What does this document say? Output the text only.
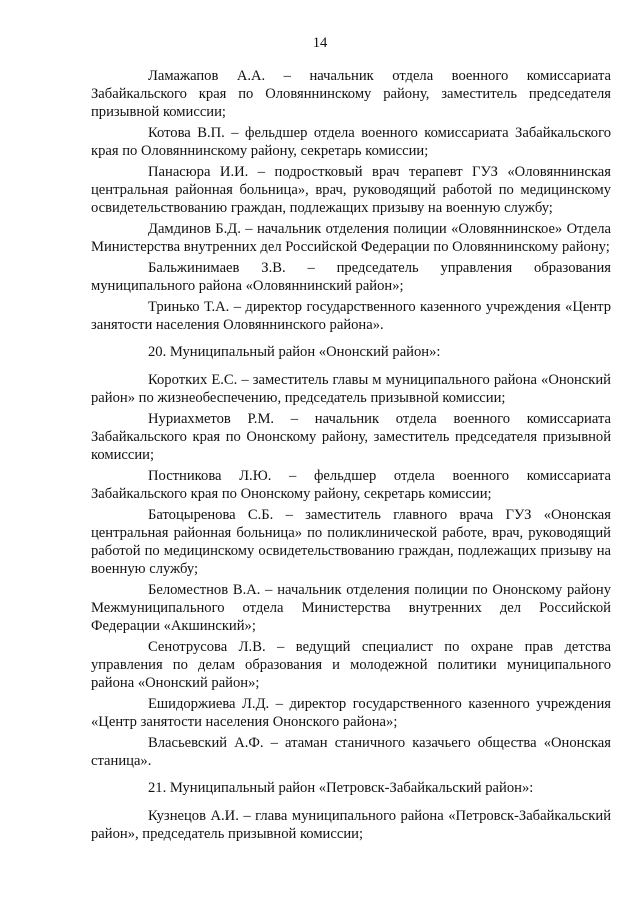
14

Ламажапов А.А. – начальник отдела военного комиссариата Забайкальского края по Оловяннинскому району, заместитель председателя призывной комиссии;

Котова В.П. – фельдшер отдела военного комиссариата Забайкальского края по Оловяннинскому району, секретарь комиссии;

Панасюра И.И. – подростковый врач терапевт ГУЗ «Оловяннинская центральная районная больница», врач, руководящий работой по медицинскому освидетельствованию граждан, подлежащих призыву на военную службу;

Дамдинов Б.Д. – начальник отделения полиции «Оловяннинское» Отдела Министерства внутренних дел Российской Федерации по Оловяннинскому району;

Бальжинимаев З.В. – председатель управления образования муниципального района «Оловяннинский район»;

Тринько Т.А. – директор государственного казенного учреждения «Центр занятости населения Оловяннинского района».

20. Муниципальный район «Ононский район»:

Коротких Е.С. – заместитель главы м муниципального района «Ононский район» по жизнеобеспечению, председатель призывной комиссии;

Нуриахметов Р.М. – начальник отдела военного комиссариата Забайкальского края по Ононскому району, заместитель председателя призывной комиссии;

Постникова Л.Ю. – фельдшер отдела военного комиссариата Забайкальского края по Ононскому району, секретарь комиссии;

Батоцыренова С.Б. – заместитель главного врача ГУЗ «Ононская центральная районная больница» по поликлинической работе, врач, руководящий работой по медицинскому освидетельствованию граждан, подлежащих призыву на военную службу;

Беломестнов В.А. – начальник отделения полиции по Ононскому району Межмуниципального отдела Министерства внутренних дел Российской Федерации «Акшинский»;

Сенотрусова Л.В. – ведущий специалист по охране прав детства управления по делам образования и молодежной политики муниципального района «Ононский район»;

Ешидоржиева Л.Д. – директор государственного казенного учреждения «Центр занятости населения Ононского района»;

Власьевский А.Ф. – атаман станичного казачьего общества «Ононская станица».

21. Муниципальный район «Петровск-Забайкальский район»:

Кузнецов А.И. – глава муниципального района «Петровск-Забайкальский район», председатель призывной комиссии;
